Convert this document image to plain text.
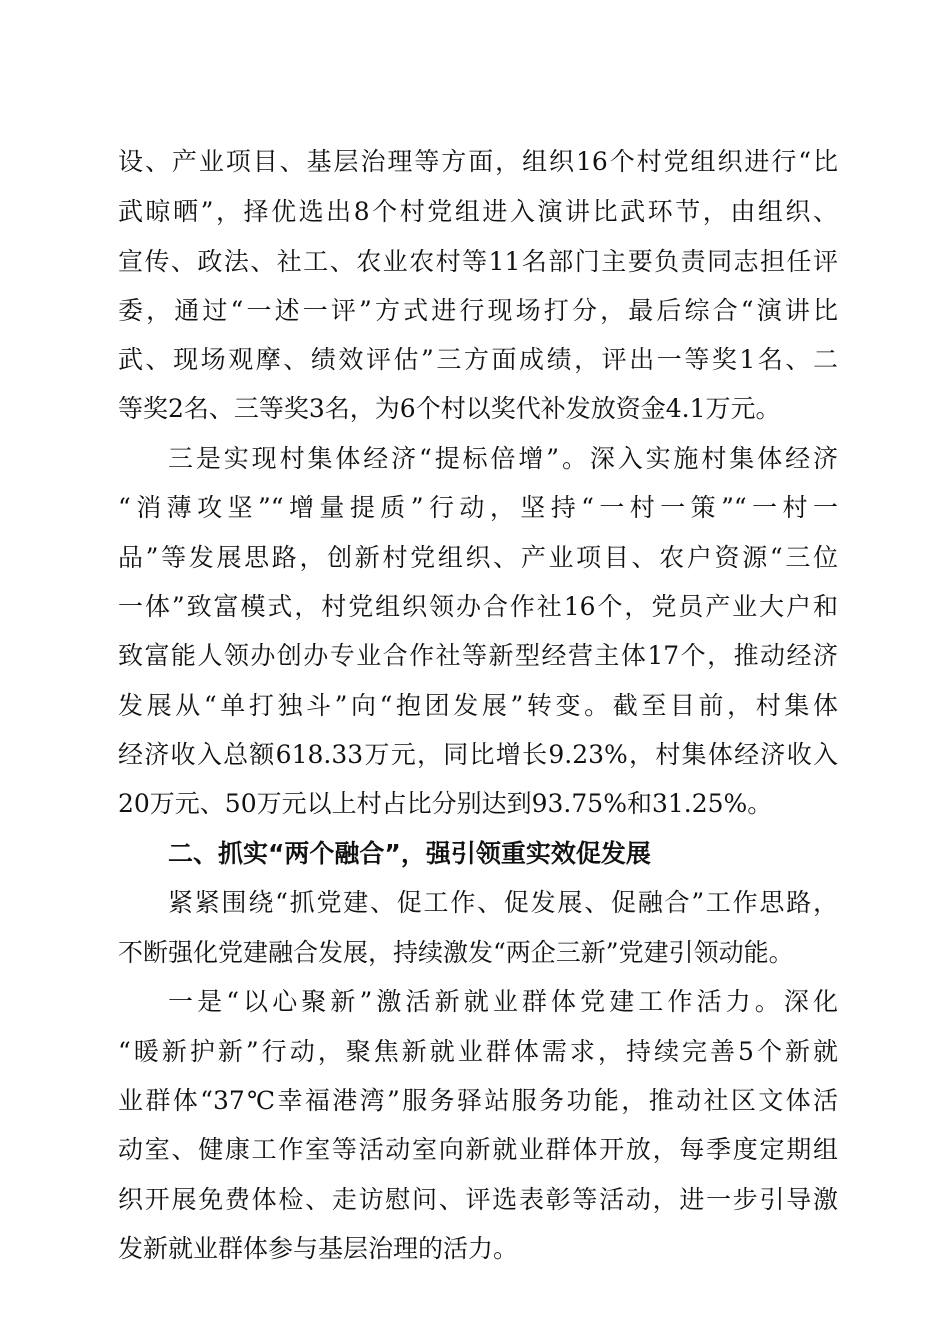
设、产业项目、基层治理等方面，组织16个村党组织进行“比
武晾晒”，择优选出8个村党组进入演讲比武环节，由组织、
宣传、政法、社工、农业农村等11名部门主要负责同志担任评
委，通过“一述一评”方式进行现场打分，最后综合“演讲比
武、现场观摩、绩效评估”三方面成绩，评出一等奖1名、二
等奖2名、三等奖3名，为6个村以奖代补发放资金4.1万元。
三是实现村集体经济“提标倍增”。深入实施村集体经济
“消薄攻坚”“增量提质”行动，坚持“一村一策”“一村一
品”等发展思路，创新村党组织、产业项目、农户资源“三位
一体”致富模式，村党组织领办合作社16个，党员产业大户和
致富能人领办创办专业合作社等新型经营主体17个，推动经济
发展从“单打独斗”向“抱团发展”转变。截至目前，村集体
经济收入总额618.33万元，同比增长9.23%，村集体经济收入
20万元、50万元以上村占比分别达到93.75%和31.25%。
二、抓实“两个融合”，强引领重实效促发展
紧紧围绕“抓党建、促工作、促发展、促融合”工作思路，
不断强化党建融合发展，持续激发“两企三新”党建引领动能。
一是“以心聚新”激活新就业群体党建工作活力。深化
“暖新护新”行动，聚焦新就业群体需求，持续完善5个新就
业群体“37℃幸福港湾”服务驿站服务功能，推动社区文体活
动室、健康工作室等活动室向新就业群体开放，每季度定期组
织开展免费体检、走访慰问、评选表彰等活动，进一步引导激
发新就业群体参与基层治理的活力。
